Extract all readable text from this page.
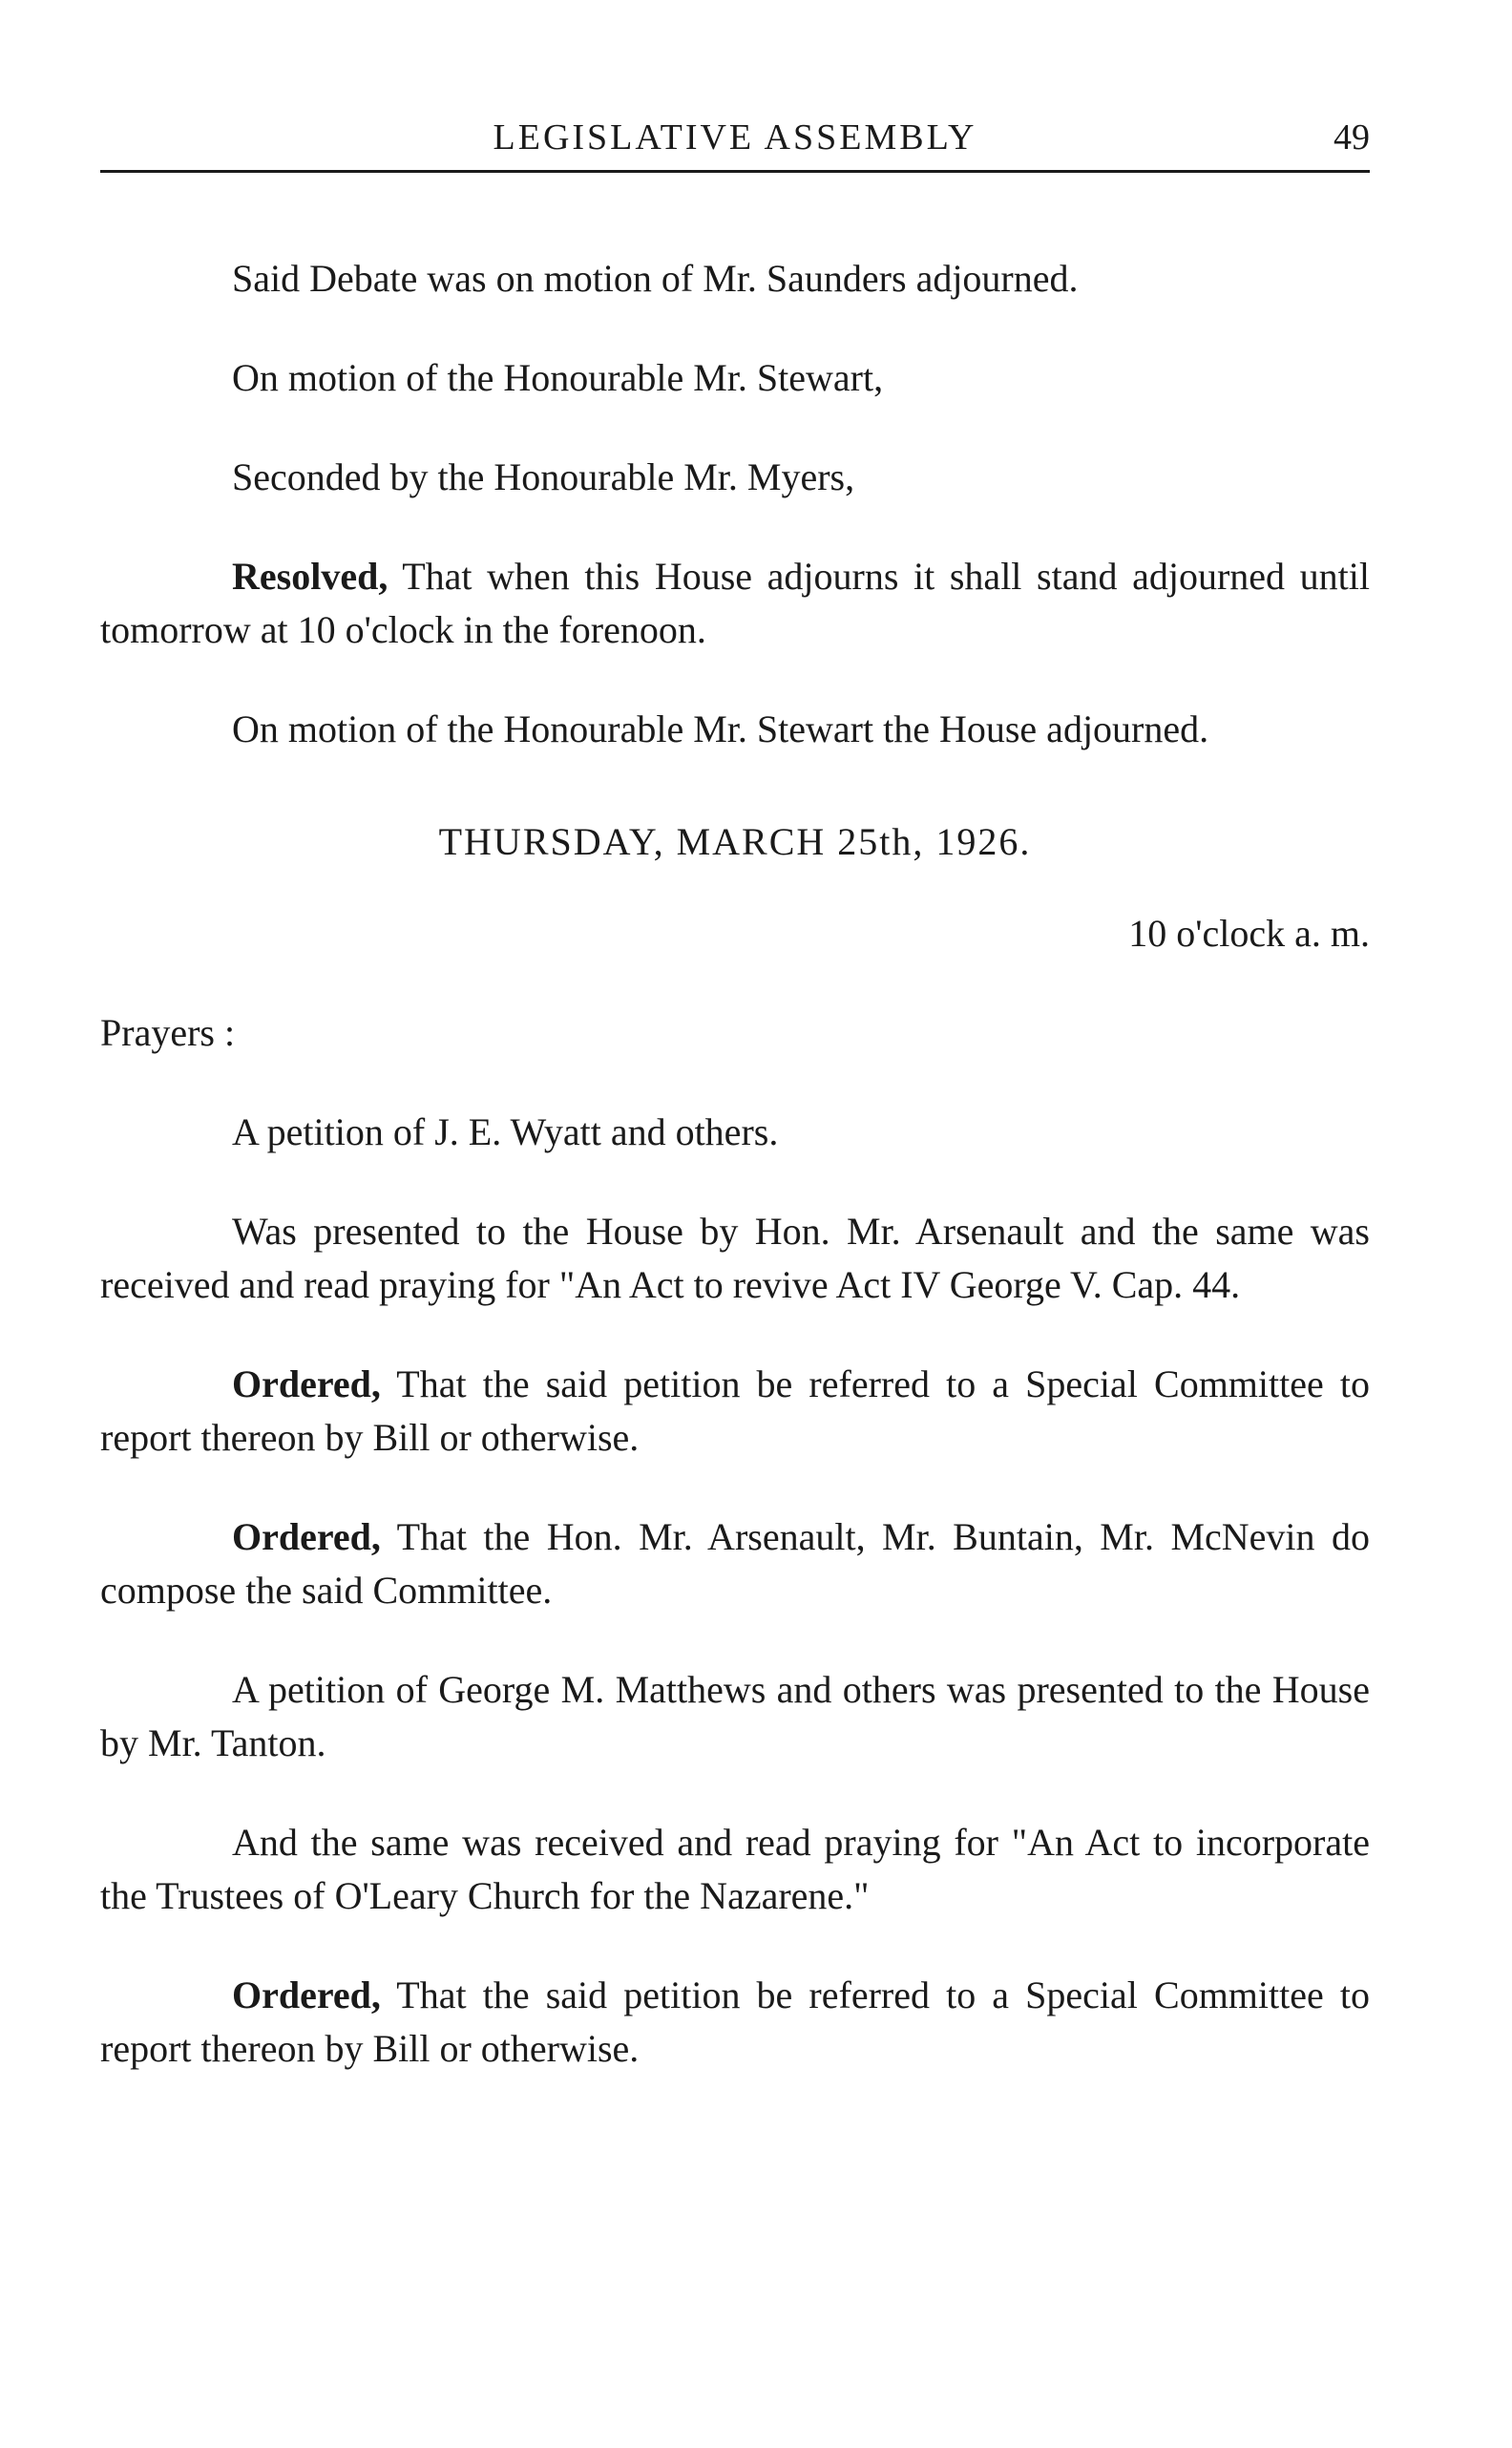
LEGISLATIVE ASSEMBLY	49

Said Debate was on motion of Mr. Saunders adjourned.

On motion of the Honourable Mr. Stewart,

Seconded by the Honourable Mr. Myers,

Resolved, That when this House adjourns it shall stand adjourned until tomorrow at 10 o'clock in the forenoon.

On motion of the Honourable Mr. Stewart the House adjourned.

THURSDAY, MARCH 25th, 1926.

10 o'clock a. m.

Prayers :

A petition of J. E. Wyatt and others.

Was presented to the House by Hon. Mr. Arsenault and the same was received and read praying for "An Act to revive Act IV George V. Cap. 44.

Ordered, That the said petition be referred to a Special Committee to report thereon by Bill or otherwise.

Ordered, That the Hon. Mr. Arsenault, Mr. Buntain, Mr. McNevin do compose the said Committee.

A petition of George M. Matthews and others was presented to the House by Mr. Tanton.

And the same was received and read praying for "An Act to incorporate the Trustees of O'Leary Church for the Nazarene."

Ordered, That the said petition be referred to a Special Committee to report thereon by Bill or otherwise.
